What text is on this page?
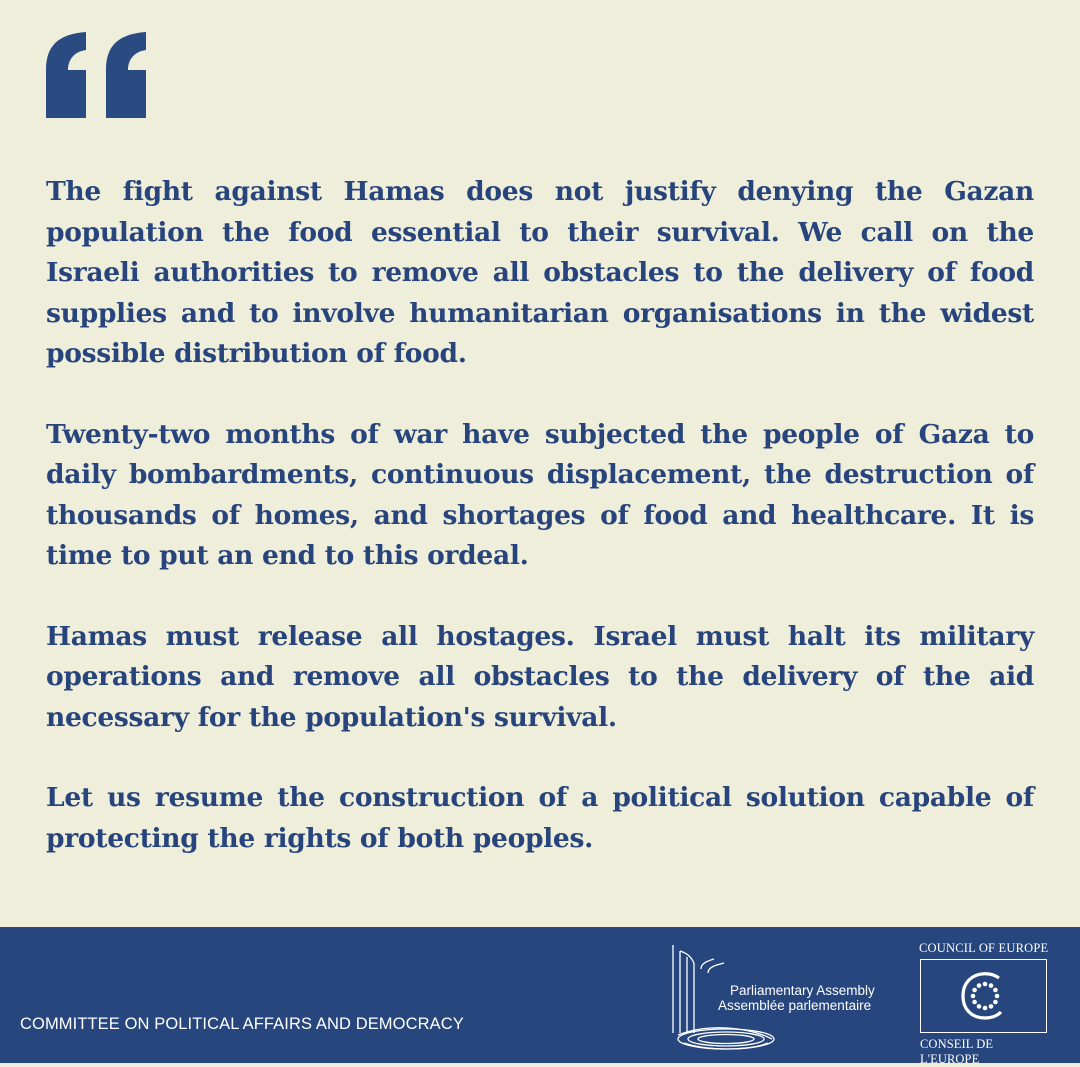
The fight against Hamas does not justify denying the Gazan population the food essential to their survival. We call on the Israeli authorities to remove all obstacles to the delivery of food supplies and to involve humanitarian organisations in the widest possible distribution of food.

Twenty-two months of war have subjected the people of Gaza to daily bombardments, continuous displacement, the destruction of thousands of homes, and shortages of food and healthcare. It is time to put an end to this ordeal.

Hamas must release all hostages. Israel must halt its military operations and remove all obstacles to the delivery of the aid necessary for the population's survival.

Let us resume the construction of a political solution capable of protecting the rights of both peoples.

COMMITTEE ON POLITICAL AFFAIRS AND DEMOCRACY
Parliamentary Assembly
Assemblée parlementaire
COUNCIL OF EUROPE
CONSEIL DE L'EUROPE
